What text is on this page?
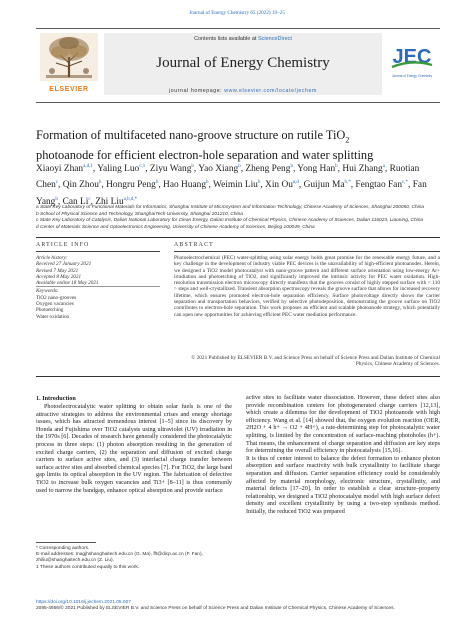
Journal of Energy Chemistry 65 (2022) 19–25
ELSEVIER
Contents lists available at ScienceDirect
Journal of Energy Chemistry
journal homepage: www.elsevier.com/locate/jechem
JEC
Journal of Energy Chemistry
Formation of multifaceted nano-groove structure on rutile TiO$_2$
photoanode for efficient electron-hole separation and water splitting
Xiaoyi Zhan$^{a,d,1}$, Yaling Luo$^{c,1}$, Ziyu Wang$^b$, Yao Xiang$^b$, Zheng Peng$^b$, Yong Han$^b$, Hui Zhang$^a$, Ruotian Chen$^c$, Qin Zhou$^b$, Hongru Peng$^b$, Hao Huang$^b$, Weimin Liu$^b$, Xin Ou$^{a,d}$, Guijun $Ma^{b,*}$, Fengtao Fan$^{c,*}$, Fan Yang$^b$, Can Li$^c$, Zhi Liu$^{a,b,d,*}$
a State Key Laboratory of Functional Materials for Informatics, Shanghai Institute of Microsystem and Information Technology, Chinese Academy of Sciences, Shanghai 200050, China
b School of Physical Science and Technology, ShanghaiTech University, Shanghai 201210, China
c State Key Laboratory of Catalysis, Dalian National Laboratory for Clean Energy, Dalian Institute of Chemical Physics, Chinese Academy of Sciences, Dalian 116023, Liaoning, China
d Center of Materials Science and Optoelectronics Engineering, University of Chinese Academy of Sciences, Beijing 100049, China
ARTICLE INFO
Article history:
Received 27 January 2021
Revised 7 May 2021
Accepted 8 May 2021
Available online 18 May 2021
Keywords:
TiO2 nano-grooves
Oxygen vacancies
Photoetching
Water oxidation
ABSTRACT
Photoelectrochemical (PEC) water-splitting using solar energy holds great promise for the renewable energy future, and a key challenge in the development of industry viable PEC devices is the unavailability of high-efficient photoanodes. Herein, we designed a TiO2 model photocatalyst with nano-groove pattern and different surface orientation using low-energy Ar+ irradiation and photoetching of TiO2, and significantly improved the intrinsic activity for PEC water oxidation. High-resolution transmission electron microscopy directly manifests that the grooves consist of highly stepped surface with < 110 > steps and well-crystallized. Transient absorption spectroscopy reveals the groove surface that allows for increased recovery lifetime, which ensures promoted electron-hole separation efficiency. Surface photovoltage directly shows the carrier separation and transportation behaviors, verified by selective photodeposition, demonstrating the groove surface on TiO2 contributes to electron-hole separation. This work proposes an efficient and scalable photoanode strategy, which potentially can open new opportunities for achieving efficient PEC water mediation performance.
© 2021 Published by ELSEVIER B.V. and Science Press on behalf of Science Press and Dalian Institute of Chemical Physics, Chinese Academy of Sciences.
1. Introduction
Photoelectrocatalytic water splitting to obtain solar fuels is one of the attractive strategies to address the environmental crises and energy shortage issues, which has attracted tremendous interest [1–5] since its discovery by Honda and Fujishima over TiO2 catalysts using ultraviolet (UV) irradiation in the 1970s [6]. Decades of research have generally considered the photocatalytic process in three steps: (1) photon absorption resulting in the generation of excited charge carriers, (2) the separation and diffusion of excited charge carriers to surface active sites, and (3) interfacial charge transfer between surface active sites and absorbed chemical species [7]. For TiO2, the large band gap limits its optical absorption in the UV region. The fabrication of defective TiO2 to increase bulk oxygen vacancies and Ti3+ [8–11] is thus commonly used to narrow the bandgap, enhance optical absorption and provide surface
active sites to facilitate water dissociation. However, these defect sites also provide recombination centers for photogenerated charge carriers [12,13], which create a dilemma for the development of TiO2 photoanode with high efficiency. Wang et al. [14] showed that, the oxygen evolution reaction (OER, 2H2O + 4 h+ → O2 + 4H+), a rate-determining step for photocatalytic water splitting, is limited by the concentration of surface-reaching photoholes (h+). That means, the enhancement of charge separation and diffusion are key steps for determining the overall efficiency in photocatalysis [15,16].
It is thus of center interest to balance the defect formation to enhance photon absorption and surface reactivity with bulk crystallinity to facilitate charge separation and diffusion. Carrier separation efficiency could be considerably affected by material morphology, electronic structure, crystallinity, and material defects [17–20]. In order to establish a clear structure–property relationship, we designed a TiO2 photocatalyst model with high surface defect density and excellent crystallinity by using a two-step synthesis method. Initially, the reduced TiO2 was prepared
* Corresponding authors.
E-mail addresses: magjhshanghaitech.edu.cn (G. Ma), fft@dicp.ac.cn (F. Fan), zhiliu@shanghaitech.edu.cn (Z. Liu).
1 These authors contributed equally to this work.
https://doi.org/10.1016/j.jechem.2021.05.007
2095-4956/© 2021 Published by ELSEVIER B.V. and Science Press on behalf of Science Press and Dalian Institute of Chemical Physics, Chinese Academy of Sciences.
